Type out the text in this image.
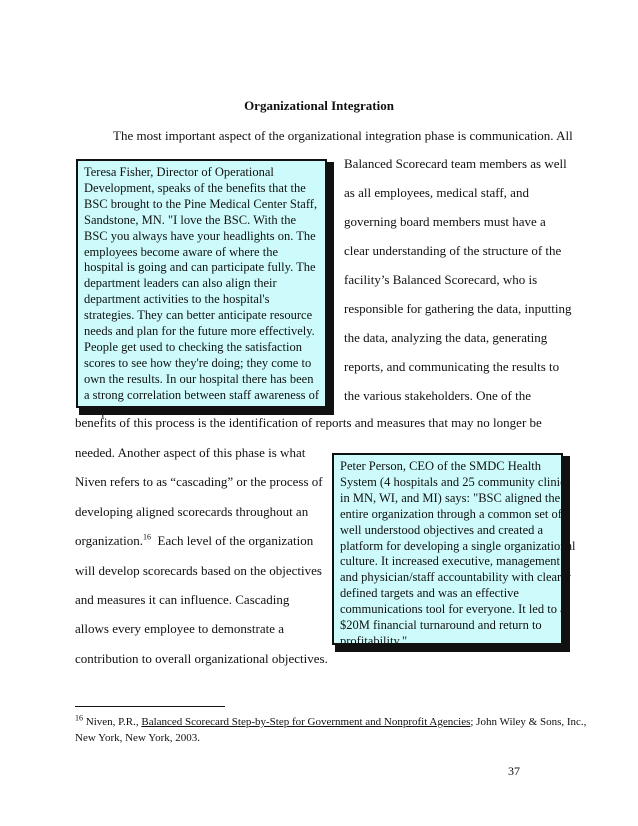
Organizational Integration
The most important aspect of the organizational integration phase is communication. All
Balanced Scorecard team members as well
as all employees, medical staff, and
governing board members must have a
clear understanding of the structure of the
facility’s Balanced Scorecard, who is
responsible for gathering the data, inputting
the data, analyzing the data, generating
reports, and communicating the results to
the various stakeholders. One of the
Teresa Fisher, Director of Operational
Development, speaks of the benefits that the
BSC brought to the Pine Medical Center Staff,
Sandstone, MN. "I love the BSC. With the
BSC you always have your headlights on. The
employees become aware of where the
hospital is going and can participate fully. The
department leaders can also align their
department activities to the hospital's
strategies. They can better anticipate resource
needs and plan for the future more effectively.
People get used to checking the satisfaction
scores to see how they're doing; they come to
own the results. In our hospital there has been
a strong correlation between staff awareness of
hospital direction and staff satisfaction."
benefits of this process is the identification of reports and measures that may no longer be
needed. Another aspect of this phase is what
Niven refers to as “cascading” or the process of
developing aligned scorecards throughout an
organization.$^{16}$ Each level of the organization
will develop scorecards based on the objectives
and measures it can influence. Cascading
allows every employee to demonstrate a
contribution to overall organizational objectives.
Peter Person, CEO of the SMDC Health
System (4 hospitals and 25 community clinics
in MN, WI, and MI) says: "BSC aligned the
entire organization through a common set of
well understood objectives and created a
platform for developing a single organizational
culture. It increased executive, management
and physician/staff accountability with clearly
defined targets and was an effective
communications tool for everyone. It led to a
$20M financial turnaround and return to
profitability."
$^{16}$ Niven, P.R., Balanced Scorecard Step-by-Step for Government and Nonprofit Agencies; John Wiley & Sons, Inc.,
New York, New York, 2003.
37
